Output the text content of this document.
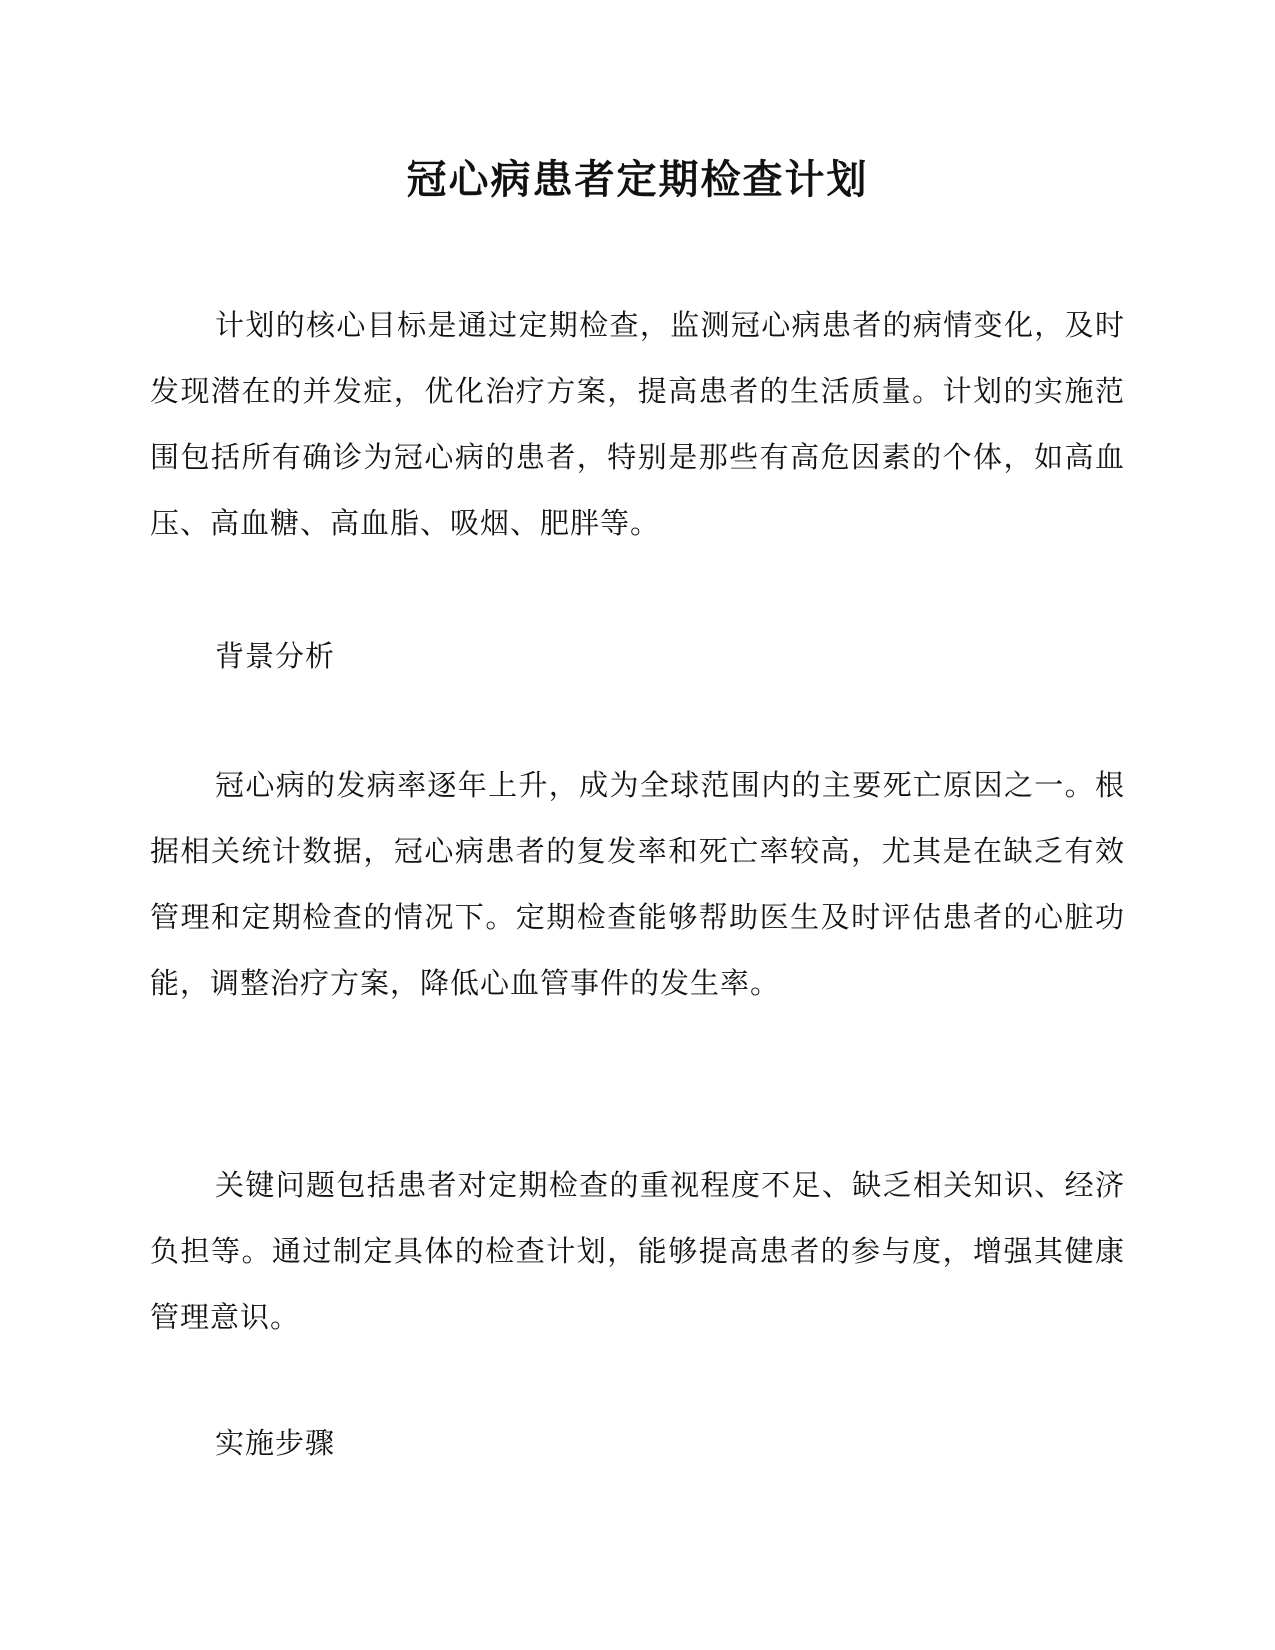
冠心病患者定期检查计划

计划的核心目标是通过定期检查，监测冠心病患者的病情变化，及时发现潜在的并发症，优化治疗方案，提高患者的生活质量。计划的实施范围包括所有确诊为冠心病的患者，特别是那些有高危因素的个体，如高血压、高血糖、高血脂、吸烟、肥胖等。

背景分析

冠心病的发病率逐年上升，成为全球范围内的主要死亡原因之一。根据相关统计数据，冠心病患者的复发率和死亡率较高，尤其是在缺乏有效管理和定期检查的情况下。定期检查能够帮助医生及时评估患者的心脏功能，调整治疗方案，降低心血管事件的发生率。

关键问题包括患者对定期检查的重视程度不足、缺乏相关知识、经济负担等。通过制定具体的检查计划，能够提高患者的参与度，增强其健康管理意识。

实施步骤
